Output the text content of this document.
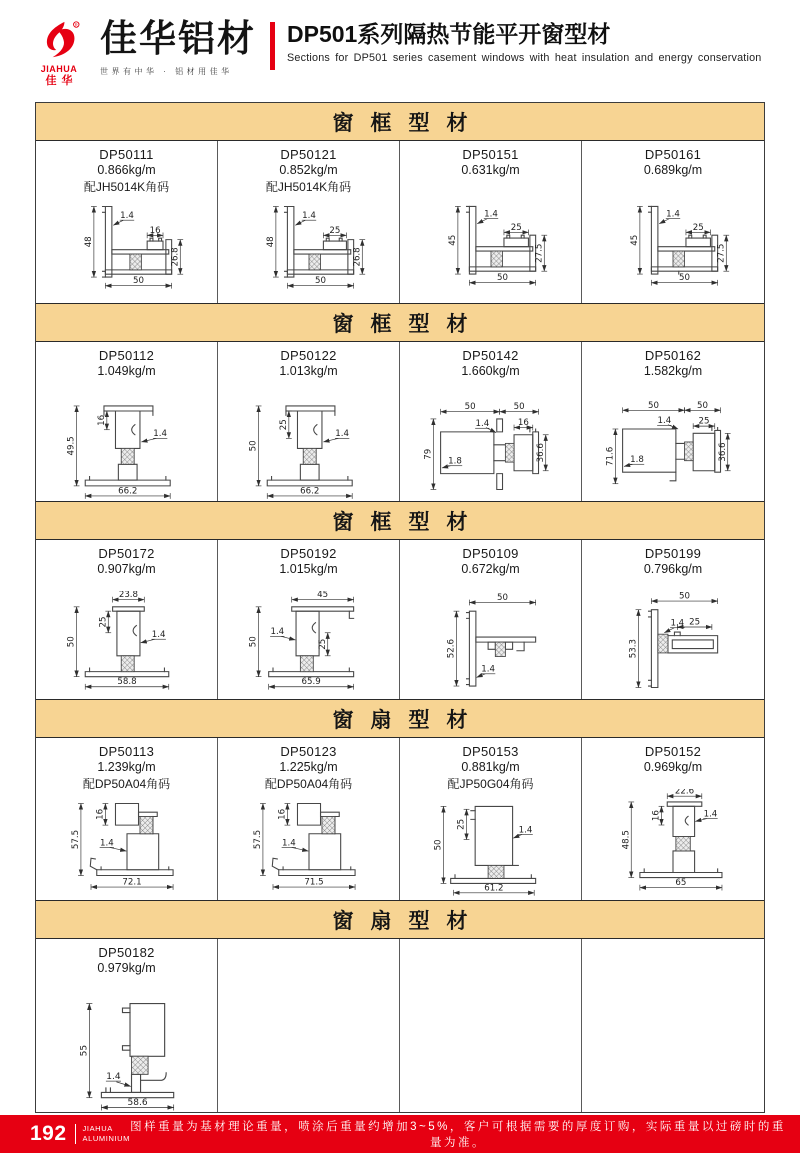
R
JIAHUA
佳华
佳华铝材
世界有中华 · 铝材用佳华
DP501系列隔热节能平开窗型材
Sections for DP501 series casement windows with heat insulation and energy conservation
窗框型材
DP50111
0.866kg/m
配JH5014K角码
48
1.4
16
50
26.8
DP50121
0.852kg/m
配JH5014K角码
48
1.4
25
50
26.8
DP50151
0.631kg/m
45
1.4
25
50
27.5
DP50161
0.689kg/m
45
1.4
25
50
27.5
窗框型材
DP50112
1.049kg/m
49.5
16
1.4
66.2
DP50122
1.013kg/m
50
25
1.4
66.2
DP50142
1.660kg/m
50	50
1.4 16
79
1.8	36.6
DP50162
1.582kg/m
50	50
1.4 25
71.6 1.8	36.6
窗框型材
DP50172
0.907kg/m
23.8
50
25
1.4
58.8
DP50192
1.015kg/m
45
50
1.4
25
65.9
DP50109
0.672kg/m
50
52.6
1.4
DP50199
0.796kg/m
50
53.3
1.4 25
窗扇型材
DP50113
1.239kg/m
配DP50A04角码
16
57.5 1.4
72.1
DP50123
1.225kg/m
配DP50A04角码
16
57.5 1.4
71.5
DP50153
0.881kg/m
配JP50G04角码
25
50
1.4
61.2
DP50152
0.969kg/m
22.6
16	1.4
48.5
65
窗扇型材
DP50182
0.979kg/m
55
1.4
58.6
192 JIAHUA
ALUMINIUM
图样重量为基材理论重量，喷涂后重量约增加3~5%，客户可根据需要的厚度订购，实际重量以过磅时的重量为准。
